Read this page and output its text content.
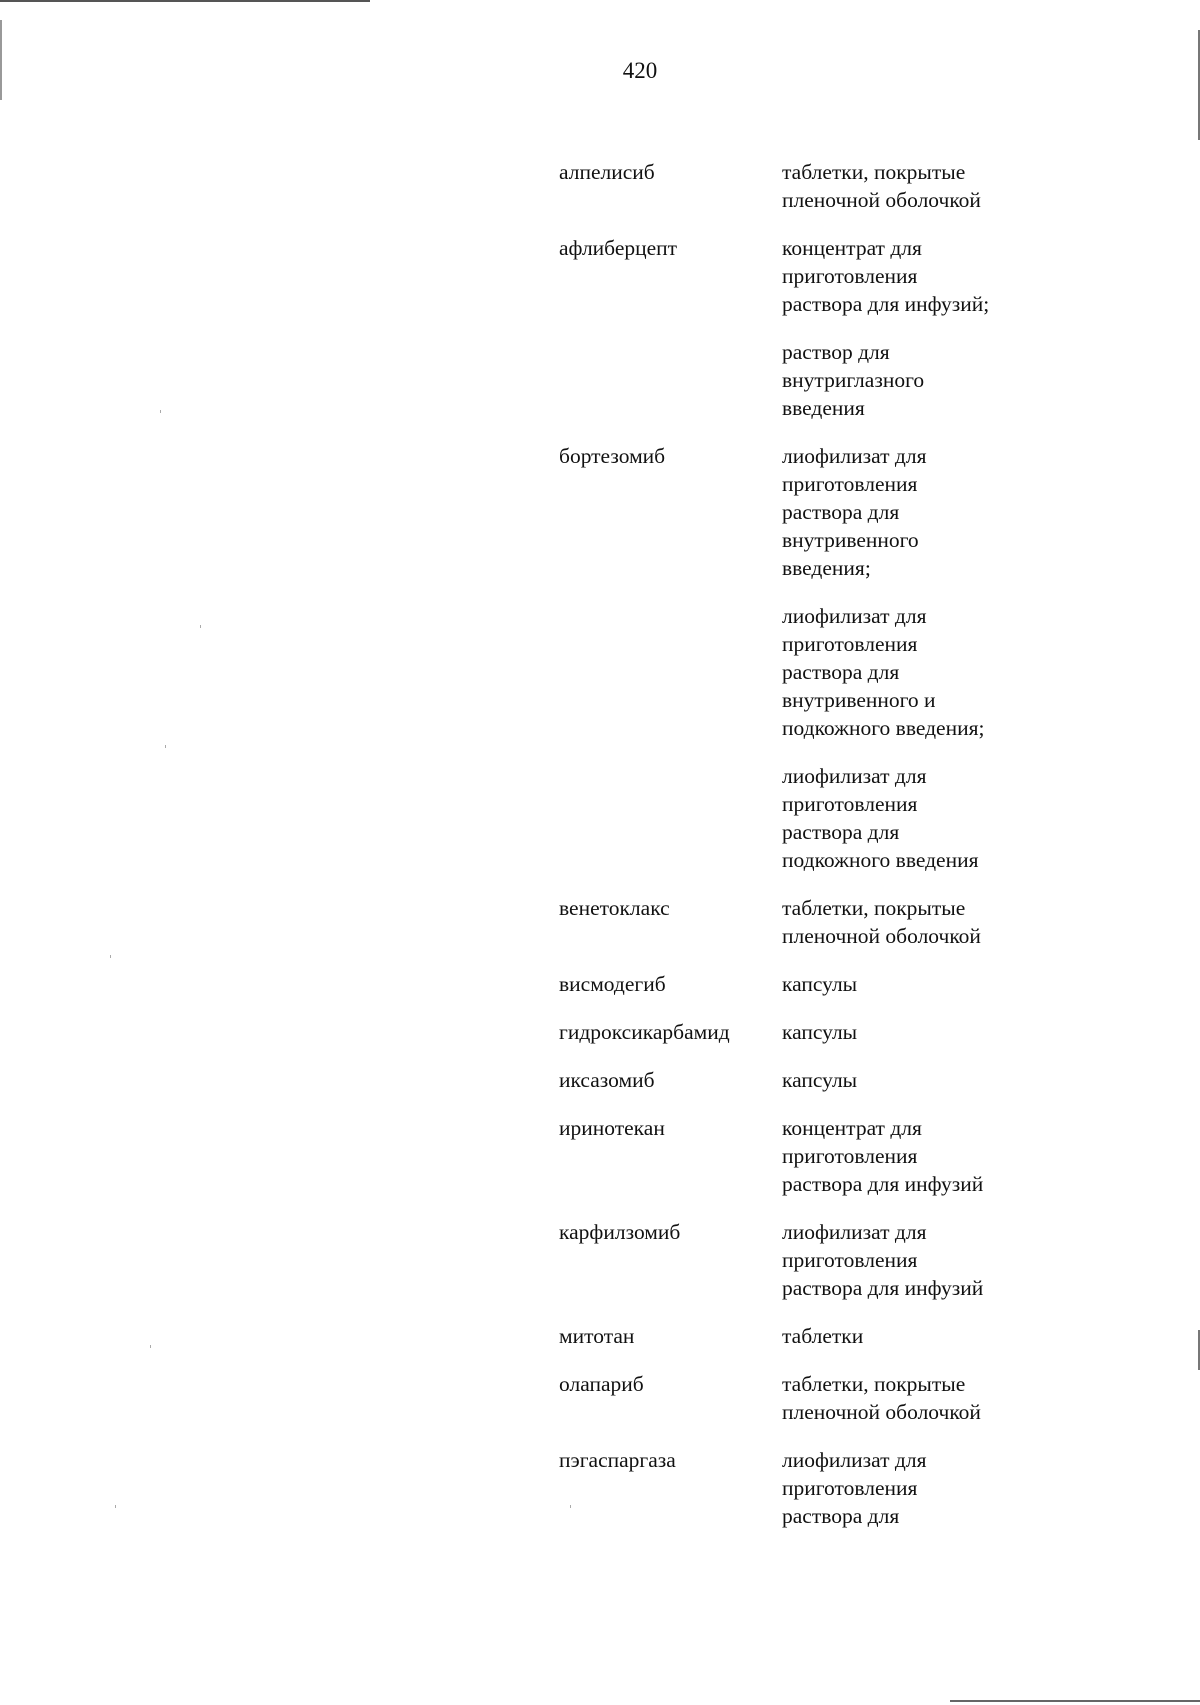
420
алпелисиб	таблетки, покрытые
пленочной оболочкой
афлиберцепт	концентрат для
приготовления
раствора для инфузий;
раствор для
внутриглазного
введения
бортезомиб	лиофилизат для
приготовления
раствора для
внутривенного
введения;
лиофилизат для
приготовления
раствора для
внутривенного и
подкожного введения;
лиофилизат для
приготовления
раствора для
подкожного введения
венетоклакс	таблетки, покрытые
пленочной оболочкой
висмодегиб	капсулы
гидроксикарбамид	капсулы
иксазомиб	капсулы
иринотекан	концентрат для
приготовления
раствора для инфузий
карфилзомиб	лиофилизат для
приготовления
раствора для инфузий
митотан	таблетки
олапариб	таблетки, покрытые
пленочной оболочкой
пэгаспаргаза	лиофилизат для
приготовления
раствора для
